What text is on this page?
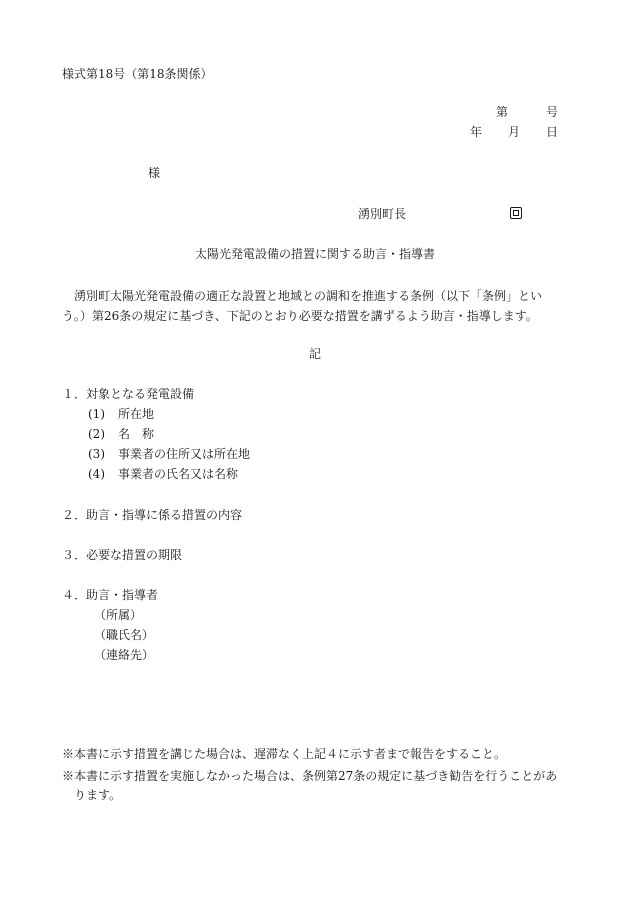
様式第18号（第18条関係）
第	号
年 月 日
様
湧別町長
太陽光発電設備の措置に関する助言・指導書
 湧別町太陽光発電設備の適正な設置と地域との調和を推進する条例（以下「条例」という。）第26条の規定に基づき、下記のとおり必要な措置を講ずるよう助言・指導します。
記
１．対象となる発電設備
(1) 所在地
(2) 名　称
(3) 事業者の住所又は所在地
(4) 事業者の氏名又は名称
２．助言・指導に係る措置の内容
３．必要な措置の期限
４．助言・指導者
（所属）
（職氏名）
（連絡先）
※本書に示す措置を講じた場合は、遅滞なく上記４に示す者まで報告をすること。
※本書に示す措置を実施しなかった場合は、条例第27条の規定に基づき勧告を行うことがあ
ります。
